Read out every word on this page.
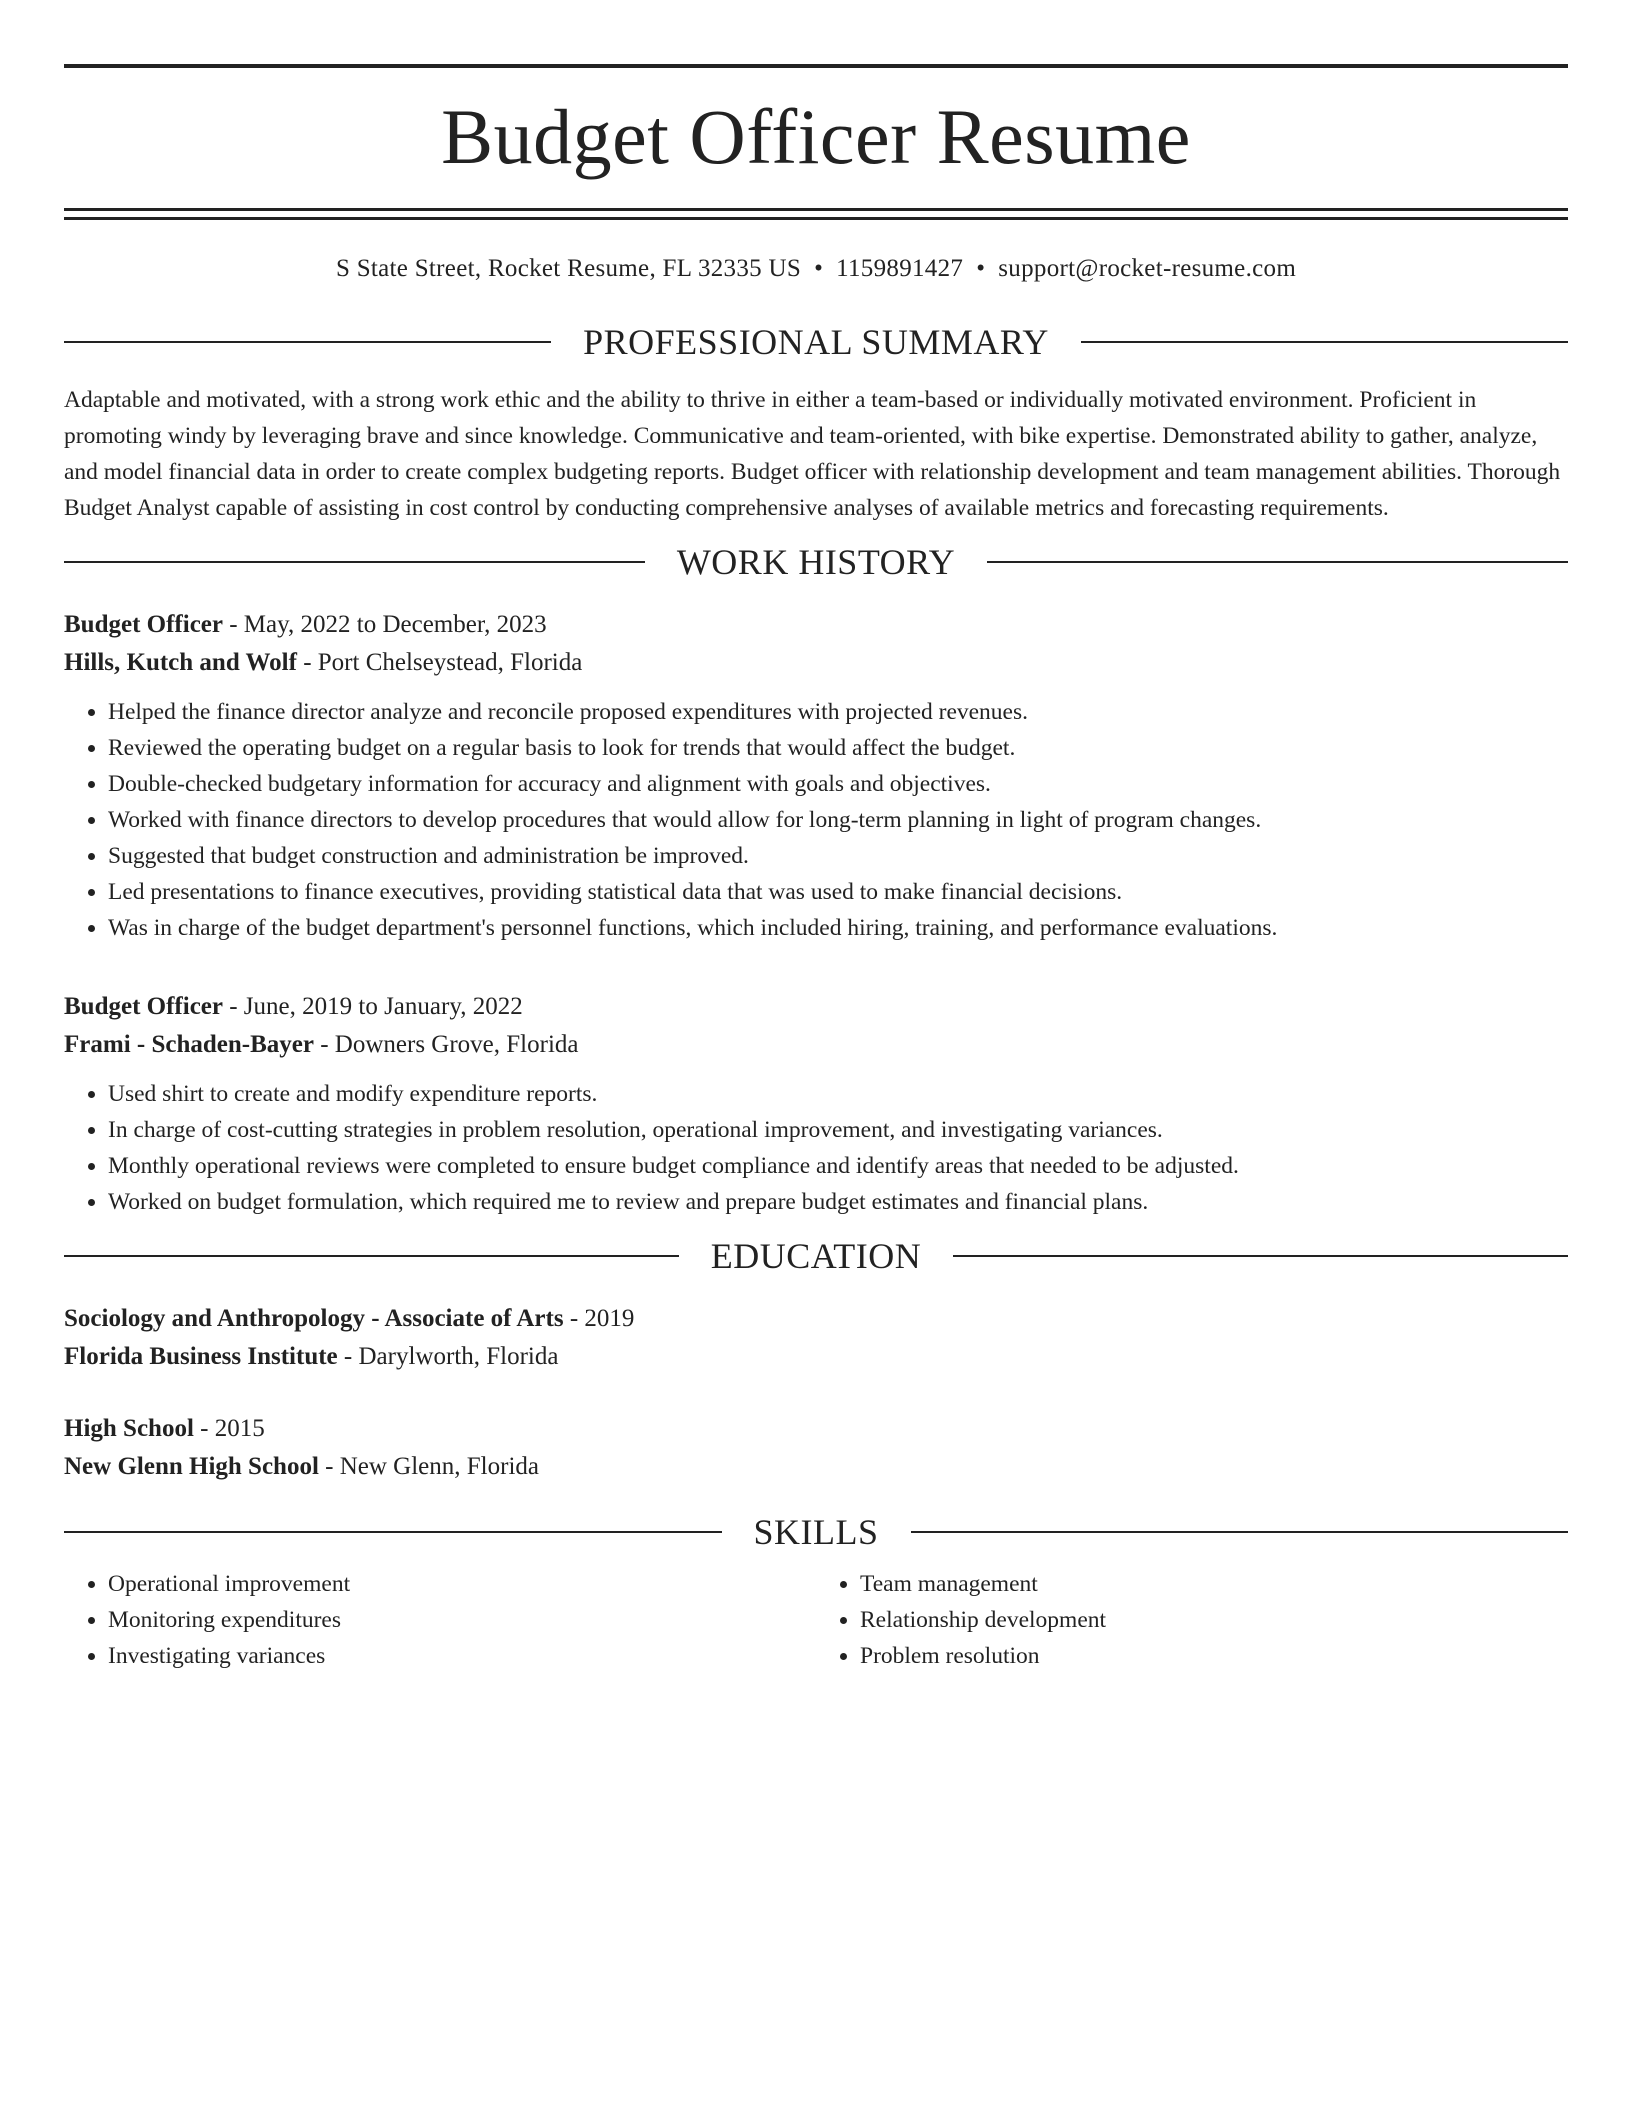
Budget Officer Resume
S State Street, Rocket Resume, FL 32335 US • 1159891427 • support@rocket-resume.com
PROFESSIONAL SUMMARY
Adaptable and motivated, with a strong work ethic and the ability to thrive in either a team-based or individually motivated environment. Proficient in promoting windy by leveraging brave and since knowledge. Communicative and team-oriented, with bike expertise. Demonstrated ability to gather, analyze, and model financial data in order to create complex budgeting reports. Budget officer with relationship development and team management abilities. Thorough Budget Analyst capable of assisting in cost control by conducting comprehensive analyses of available metrics and forecasting requirements.
WORK HISTORY
Budget Officer - May, 2022 to December, 2023
Hills, Kutch and Wolf - Port Chelseystead, Florida
• Helped the finance director analyze and reconcile proposed expenditures with projected revenues.
• Reviewed the operating budget on a regular basis to look for trends that would affect the budget.
• Double-checked budgetary information for accuracy and alignment with goals and objectives.
• Worked with finance directors to develop procedures that would allow for long-term planning in light of program changes.
• Suggested that budget construction and administration be improved.
• Led presentations to finance executives, providing statistical data that was used to make financial decisions.
• Was in charge of the budget department's personnel functions, which included hiring, training, and performance evaluations.
Budget Officer - June, 2019 to January, 2022
Frami - Schaden-Bayer - Downers Grove, Florida
• Used shirt to create and modify expenditure reports.
• In charge of cost-cutting strategies in problem resolution, operational improvement, and investigating variances.
• Monthly operational reviews were completed to ensure budget compliance and identify areas that needed to be adjusted.
• Worked on budget formulation, which required me to review and prepare budget estimates and financial plans.
EDUCATION
Sociology and Anthropology - Associate of Arts - 2019
Florida Business Institute - Darylworth, Florida
High School - 2015
New Glenn High School - New Glenn, Florida
SKILLS
• Operational improvement
• Monitoring expenditures
• Investigating variances
• Team management
• Relationship development
• Problem resolution
